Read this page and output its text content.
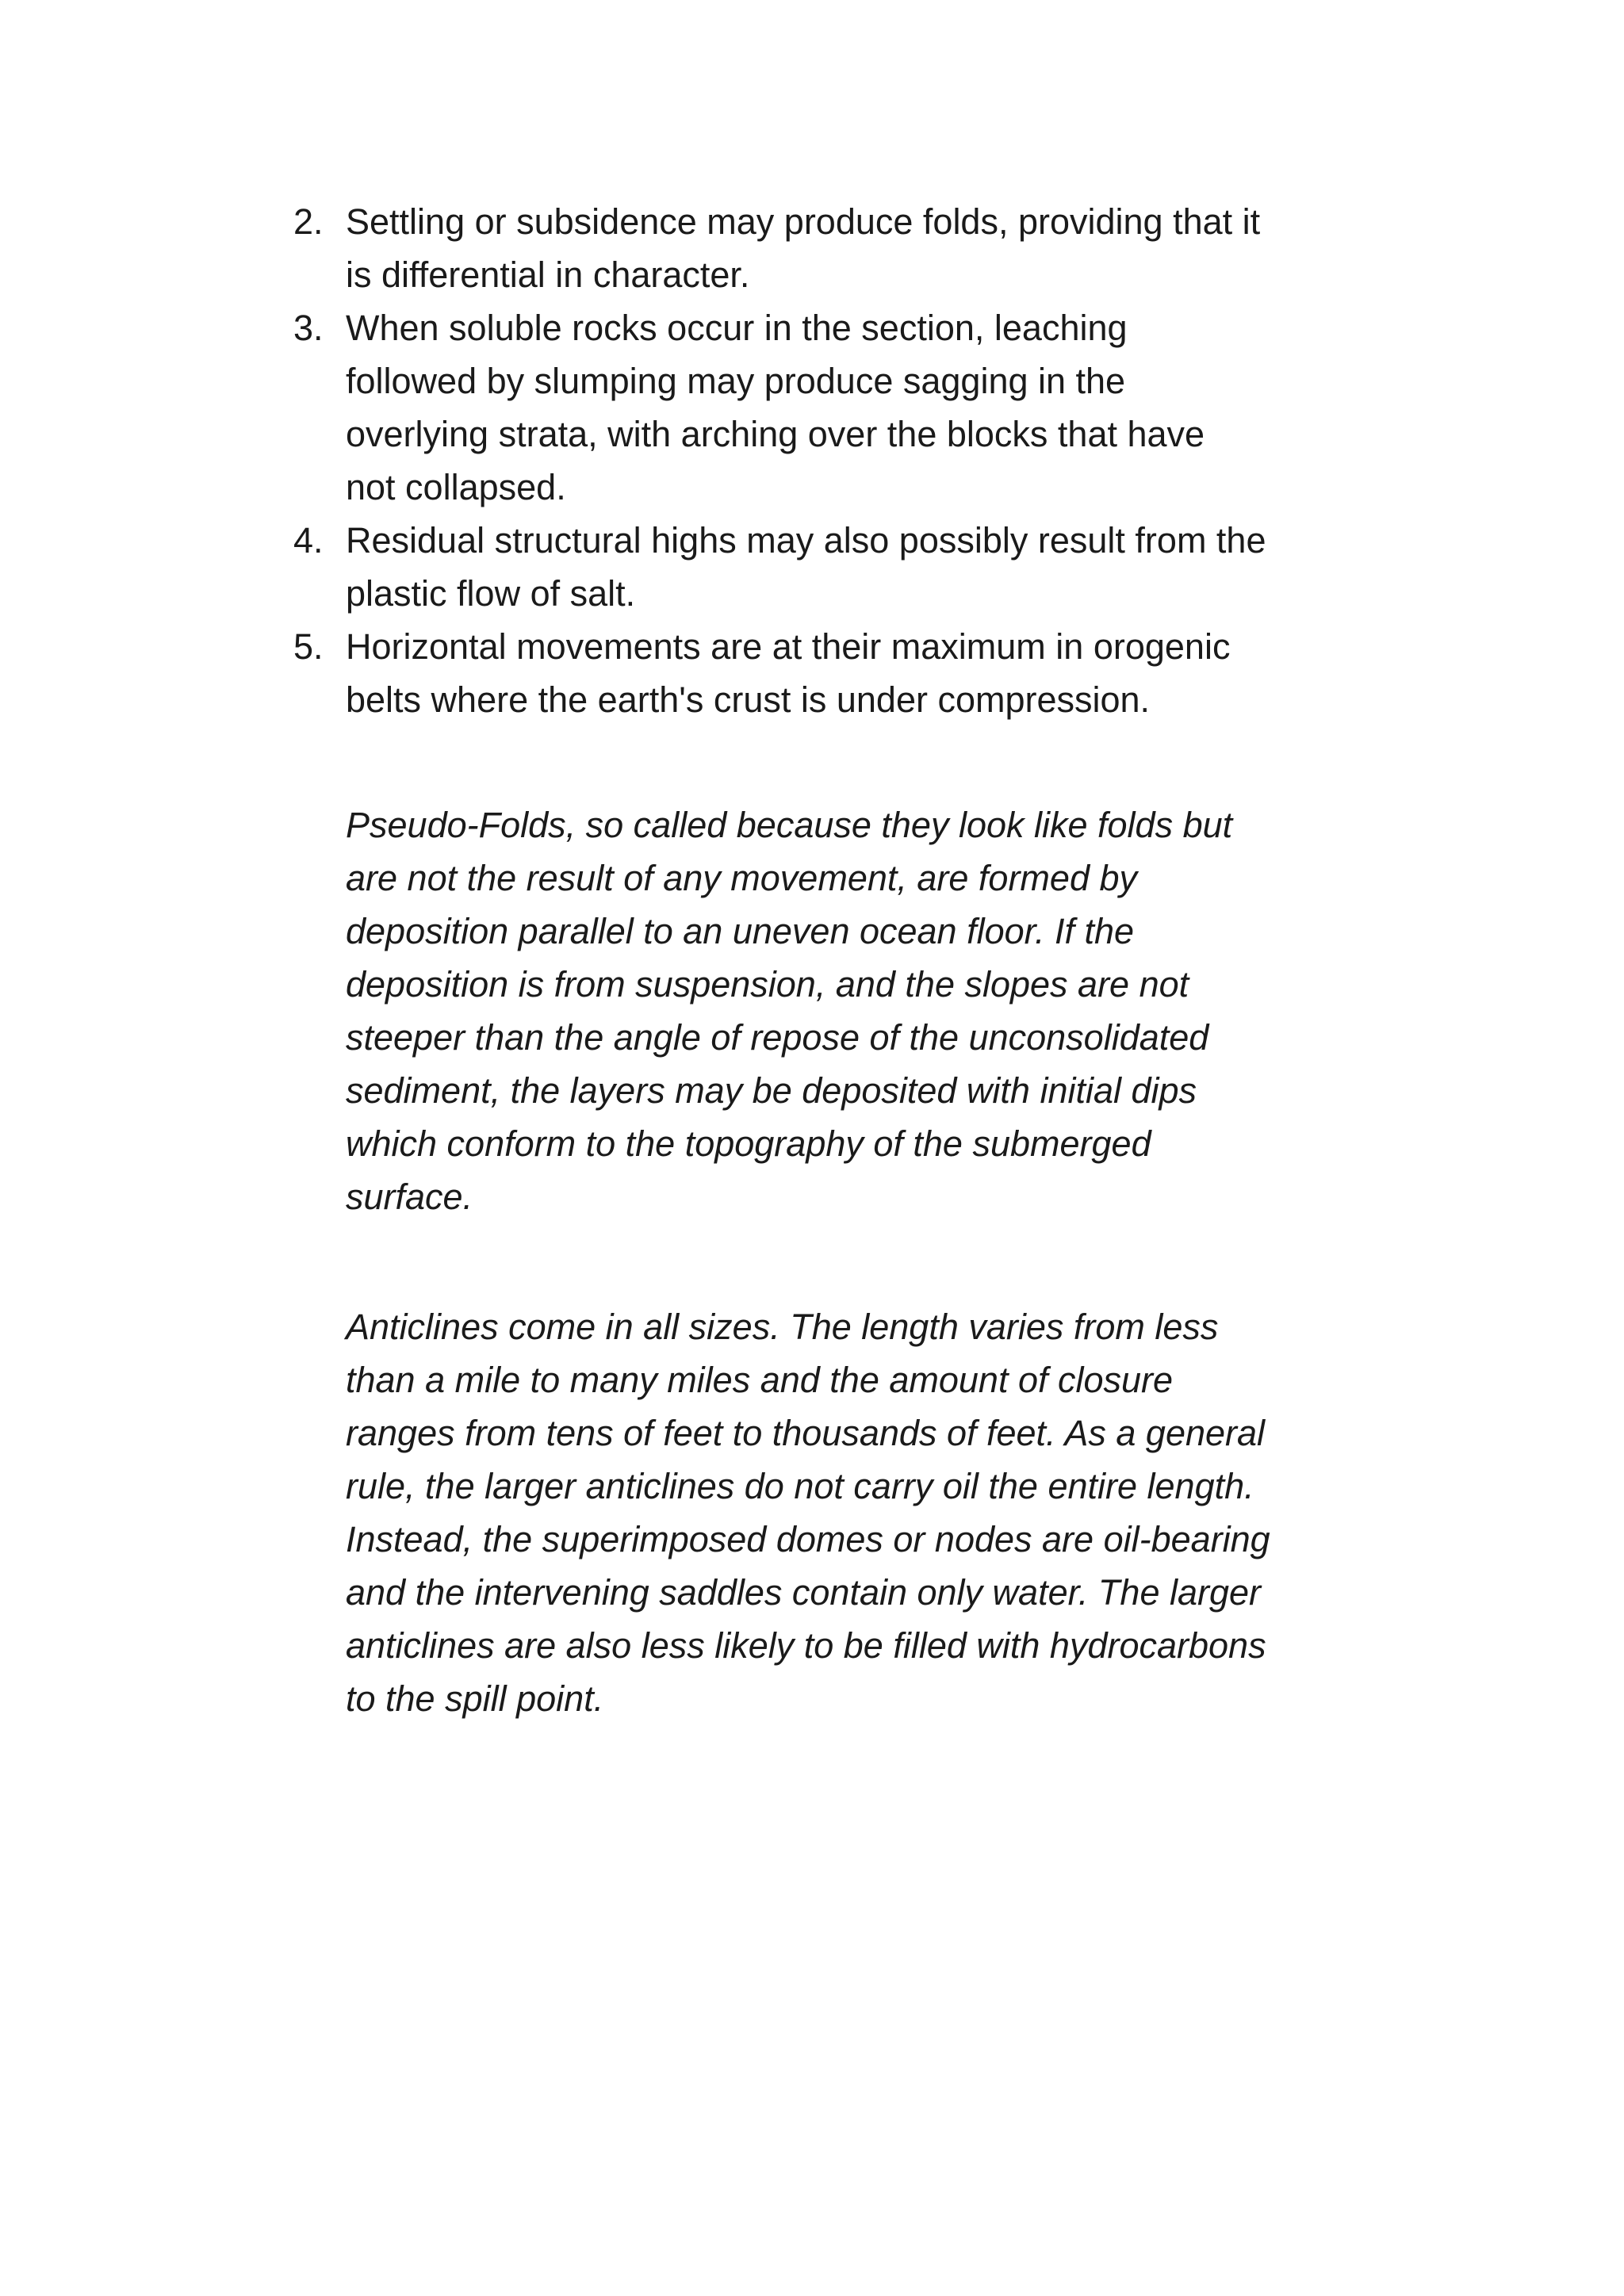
2. Settling or subsidence may produce folds, providing that it
is differential in character.
3. When soluble rocks occur in the section, leaching
followed by slumping may produce sagging in the
overlying strata, with arching over the blocks that have
not collapsed.
4. Residual structural highs may also possibly result from the
plastic flow of salt.
5. Horizontal movements are at their maximum in orogenic
belts where the earth's crust is under compression.

Pseudo-Folds, so called because they look like folds but
are not the result of any movement, are formed by
deposition parallel to an uneven ocean floor. If the
deposition is from suspension, and the slopes are not
steeper than the angle of repose of the unconsolidated
sediment, the layers may be deposited with initial dips
which conform to the topography of the submerged
surface.

Anticlines come in all sizes. The length varies from less
than a mile to many miles and the amount of closure
ranges from tens of feet to thousands of feet. As a general
rule, the larger anticlines do not carry oil the entire length.
Instead, the superimposed domes or nodes are oil-bearing
and the intervening saddles contain only water. The larger
anticlines are also less likely to be filled with hydrocarbons
to the spill point.
